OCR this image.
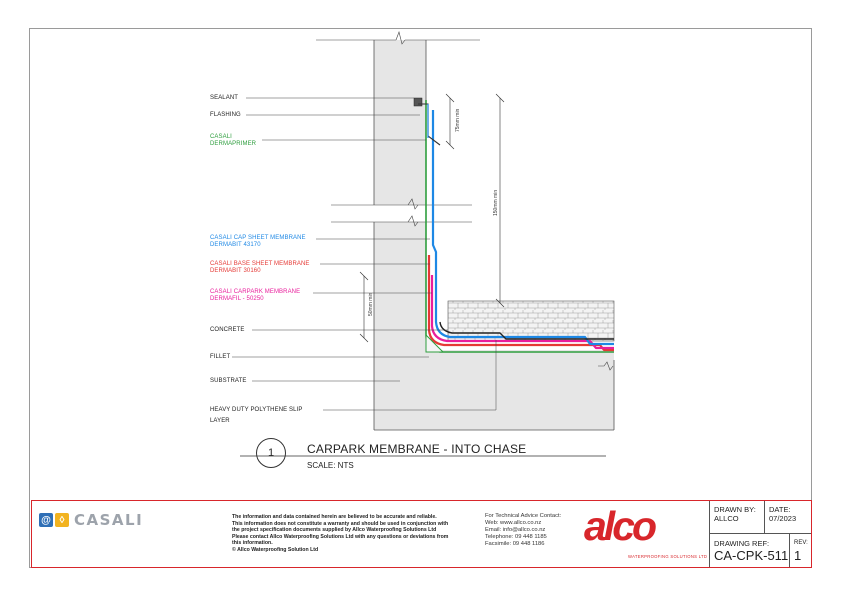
75mm min
150mm min
50mm min
SEALANT
FLASHING
CASALI
DERMAPRIMER
CASALI CAP SHEET MEMBRANE
DERMABIT 43170
CASALI BASE SHEET MEMBRANE
DERMABIT 30160
CASALI CARPARK MEMBRANE
DERMAFIL - 50250
CONCRETE
FILLET
SUBSTRATE
HEAVY DUTY POLYTHENE SLIP
LAYER
1	CARPARK MEMBRANE - INTO CHASE
SCALE: NTS
@ ◊ CASALI	The information and data contained herein are believed to be accurate and reliable.
This information does not constitute a warranty and should be used in conjunction with
the project specification documents supplied by Allco Waterproofing Solutions Ltd
Please contact Allco Waterproofing Solutions Ltd with any questions or deviations from
this information.
© Allco Waterproofing Solution Ltd
For Technical Advice Contact:
Web: www.allco.co.nz
Email: info@allco.co.nz
Telephone: 09 448 1185
Facsimile: 09 448 1186 alco
WATERPROOFING SOLUTIONS LTD
DRAWN BY:
ALLCO
DATE:
07/2023
DRAWING REF:
CA-CPK-511
REV:
1
